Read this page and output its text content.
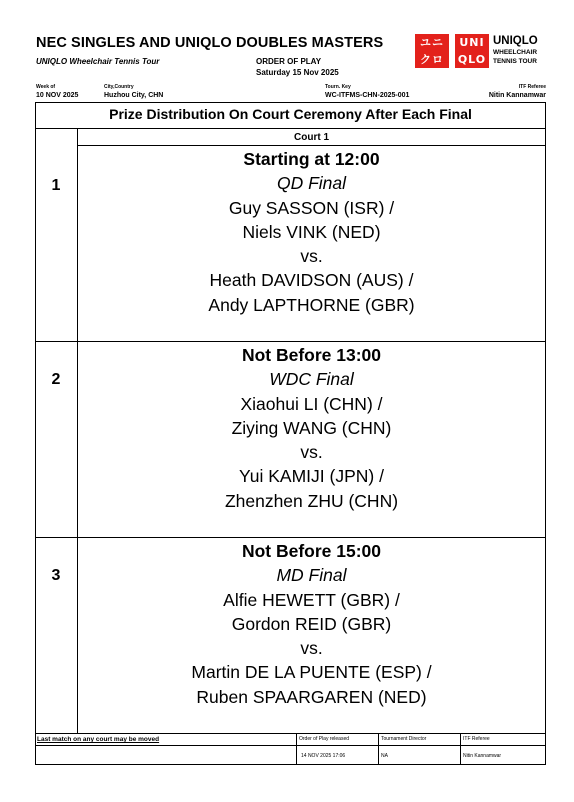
NEC SINGLES AND UNIQLO DOUBLES MASTERS
UNIQLO Wheelchair Tennis Tour	ORDER OF PLAY
Saturday 15 Nov 2025
ユニ
クロ
UNI
QLO
UNIQLO
WHEELCHAIR
TENNIS TOUR
Week of
10 NOV 2025
City,Country
Huzhou City, CHN
Tourn. Key
WC-ITFMS-CHN-2025-001
ITF Referee
Nitin Kannamwar
Prize Distribution On Court Ceremony After Each Final
Court 1
1
Starting at 12:00
QD Final
Guy SASSON (ISR) /
Niels VINK (NED)
vs.
Heath DAVIDSON (AUS) /
Andy LAPTHORNE (GBR)
2
Not Before 13:00
WDC Final
Xiaohui LI (CHN) /
Ziying WANG (CHN)
vs.
Yui KAMIJI (JPN) /
Zhenzhen ZHU (CHN)
3
Not Before 15:00
MD Final
Alfie HEWETT (GBR) /
Gordon REID (GBR)
vs.
Martin DE LA PUENTE (ESP) /
Ruben SPAARGAREN (NED)
Last match on any court may be moved	Order of Play released
14 NOV 2025 17:06
Tournament Director
NA
ITF Referee
Nitin Kannamwar
